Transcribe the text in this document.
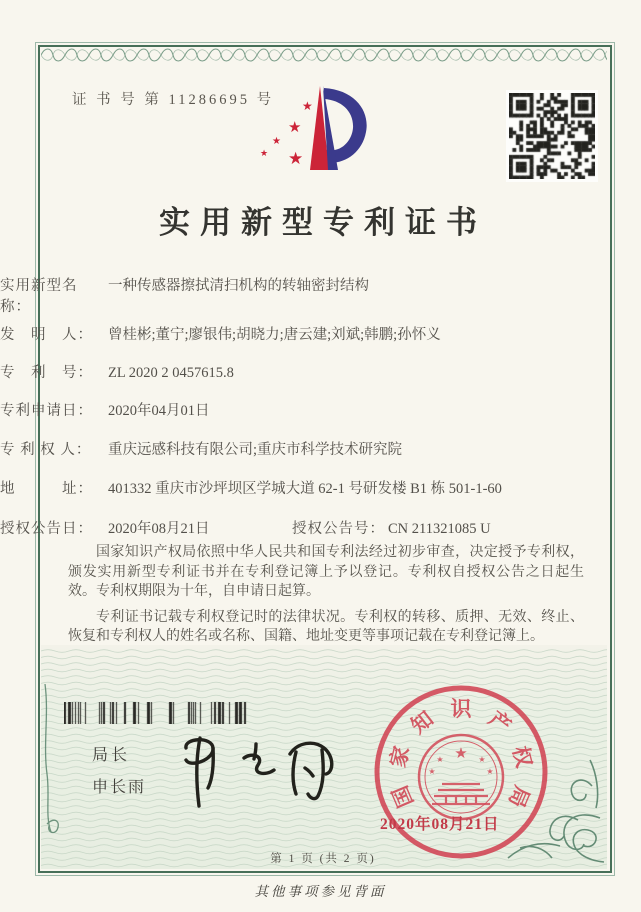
证 书 号 第 11286695 号 ★
★
★
★ ★
实用新型专利证书
实用新型名称：
一种传感器擦拭清扫机构的转轴密封结构
发　明　人：	曾桂彬;董宁;廖银伟;胡晓力;唐云建;刘斌;韩鹏;孙怀义
专　利　号：	ZL 2020 2 0457615.8
专利申请日：	2020年04月01日
专 利 权 人：	重庆远感科技有限公司;重庆市科学技术研究院
地　　　址：	401332 重庆市沙坪坝区学城大道 62-1 号研发楼 B1 栋 501-1-60
授权公告日：	2020年08月21日	授权公告号： CN 211321085 U

国家知识产权局依照中华人民共和国专利法经过初步审查，决定授予专利权，颁发实用新型专利证书并在专利登记簿上予以登记。专利权自授权公告之日起生效。专利权期限为十年，自申请日起算。

专利证书记载专利权登记时的法律状况。专利权的转移、质押、无效、终止、恢复和专利权人的姓名或名称、国籍、地址变更等事项记载在专利登记簿上。

局长
申长雨	国
家
知 识 产
权
局
★
★	★
★	★
2020年08月21日
第 1 页 (共 2 页)
其他事项参见背面
